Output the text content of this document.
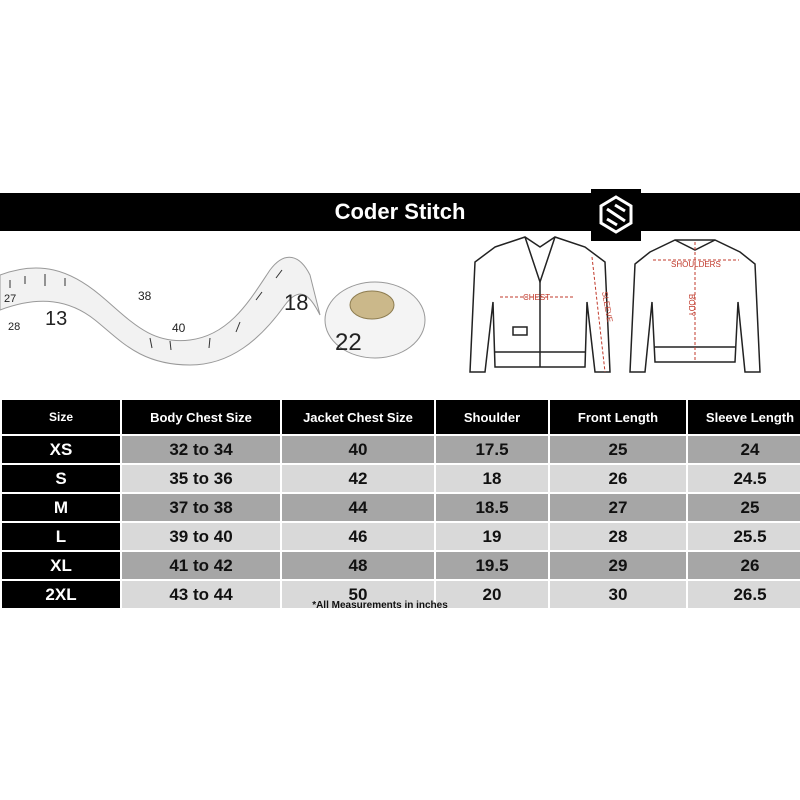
27
28 13
38
40
18
22
Coder Stitch
CHEST	SLEEVE
SHOULDERS
BODY
Size	Body Chest Size	Jacket Chest Size	Shoulder	Front Length	Sleeve Length
XS	32 to 34	40	17.5	25	24
S	35 to 36	42	18	26	24.5
M	37 to 38	44	18.5	27	25
L	39 to 40	46	19	28	25.5
XL	41 to 42	48	19.5	29	26
2XL	43 to 44	50	20	30	26.5
*All Measurements in inches
